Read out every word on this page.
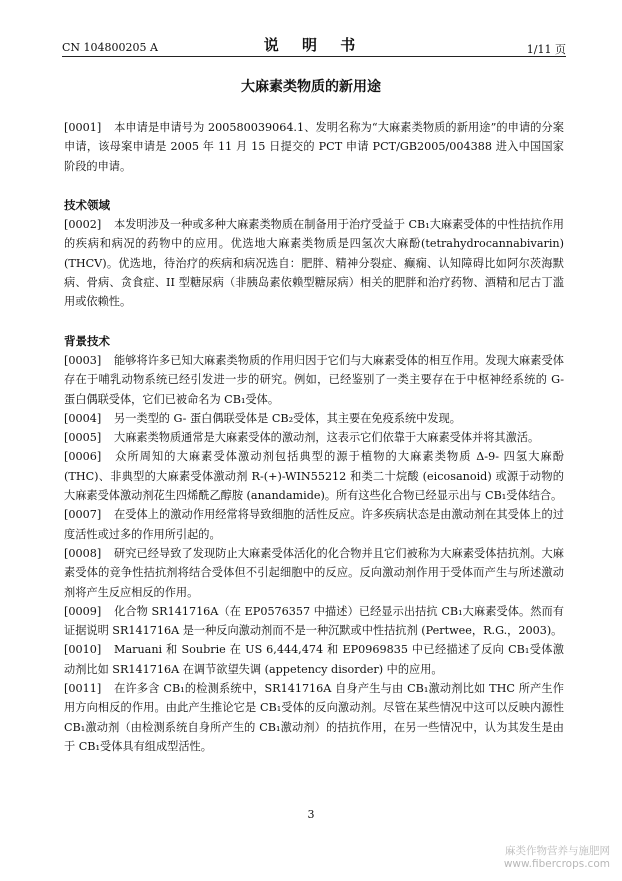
CN 104800205 A	说 明 书	1/11 页
大麻素类物质的新用途

[0001] 本申请是申请号为 200580039064.1、发明名称为“大麻素类物质的新用途”的申请的分案申请，该母案申请是 2005 年 11 月 15 日提交的 PCT 申请 PCT/GB2005/004388 进入中国国家阶段的申请。

技术领域

[0002] 本发明涉及一种或多种大麻素类物质在制备用于治疗受益于 CB₁大麻素受体的中性拮抗作用的疾病和病况的药物中的应用。优选地大麻素类物质是四氢次大麻酚(tetrahydrocannabivarin)(THCV)。优选地，待治疗的疾病和病况选自：肥胖、精神分裂症、癫痫、认知障碍比如阿尔茨海默病、骨病、贪食症、II 型糖尿病（非胰岛素依赖型糖尿病）相关的肥胖和治疗药物、酒精和尼古丁滥用或依赖性。

背景技术

[0003] 能够将许多已知大麻素类物质的作用归因于它们与大麻素受体的相互作用。发现大麻素受体存在于哺乳动物系统已经引发进一步的研究。例如，已经鉴别了一类主要存在于中枢神经系统的 G- 蛋白偶联受体，它们已被命名为 CB₁受体。

[0004] 另一类型的 G- 蛋白偶联受体是 CB₂受体，其主要在免疫系统中发现。

[0005] 大麻素类物质通常是大麻素受体的激动剂，这表示它们依靠于大麻素受体并将其激活。

[0006] 众所周知的大麻素受体激动剂包括典型的源于植物的大麻素类物质 Δ-9- 四氢大麻酚 (THC)、非典型的大麻素受体激动剂 R-(+)-WIN55212 和类二十烷酸 (eicosanoid) 或源于动物的大麻素受体激动剂花生四烯酰乙醇胺 (anandamide)。所有这些化合物已经显示出与 CB₁受体结合。

[0007] 在受体上的激动作用经常将导致细胞的活性反应。许多疾病状态是由激动剂在其受体上的过度活性或过多的作用所引起的。

[0008] 研究已经导致了发现防止大麻素受体活化的化合物并且它们被称为大麻素受体拮抗剂。大麻素受体的竞争性拮抗剂将结合受体但不引起细胞中的反应。反向激动剂作用于受体而产生与所述激动剂将产生反应相反的作用。

[0009] 化合物 SR141716A（在 EP0576357 中描述）已经显示出拮抗 CB₁大麻素受体。然而有证据说明 SR141716A 是一种反向激动剂而不是一种沉默或中性拮抗剂 (Pertwee，R.G.，2003)。

[0010] Maruani 和 Soubrie 在 US 6,444,474 和 EP0969835 中已经描述了反向 CB₁受体激动剂比如 SR141716A 在调节欲望失调 (appetency disorder) 中的应用。

[0011] 在许多含 CB₁的检测系统中，SR141716A 自身产生与由 CB₁激动剂比如 THC 所产生作用方向相反的作用。由此产生推论它是 CB₁受体的反向激动剂。尽管在某些情况中这可以反映内源性 CB₁激动剂（由检测系统自身所产生的 CB₁激动剂）的拮抗作用，在另一些情况中，认为其发生是由于 CB₁受体具有组成型活性。

3
麻类作物营养与施肥网
www.fibercrops.com
